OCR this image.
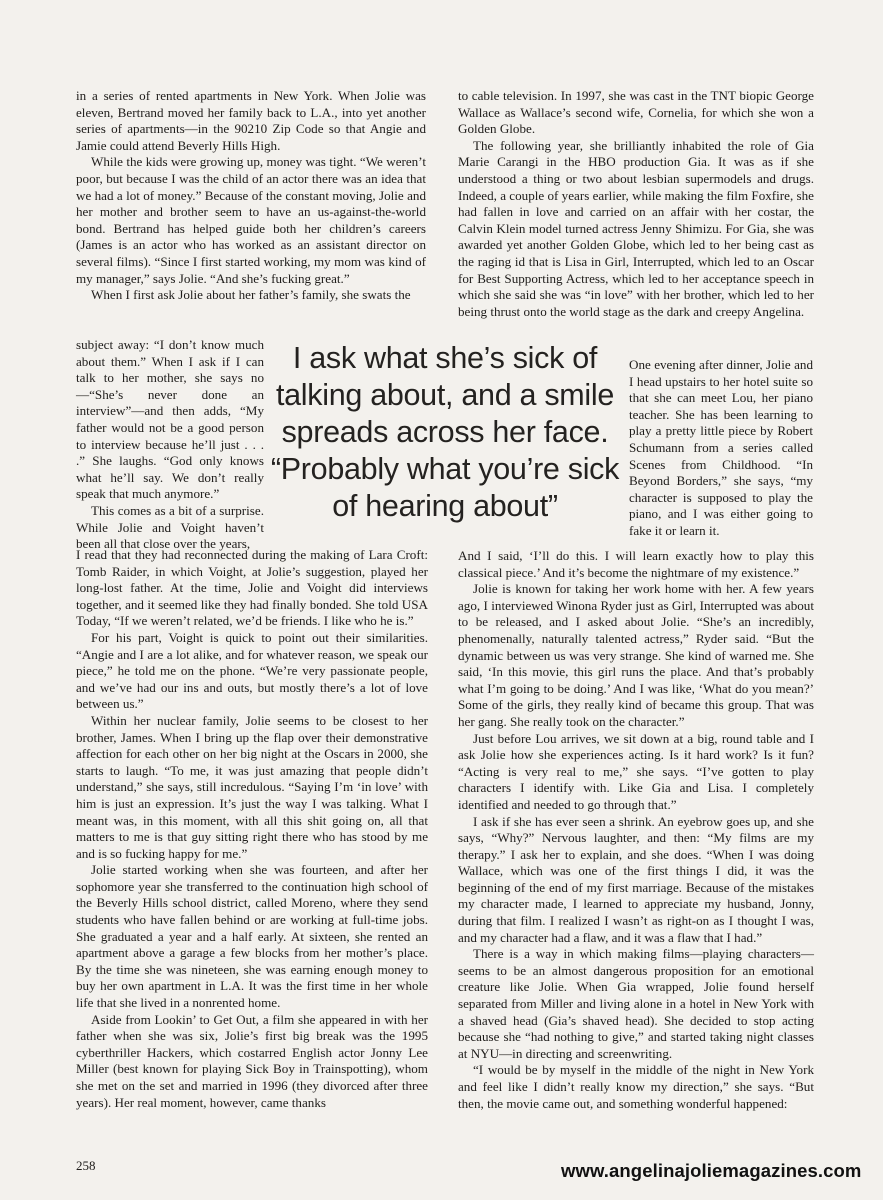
in a series of rented apartments in New York. When Jolie was eleven, Bertrand moved her family back to L.A., into yet another series of apartments—in the 90210 Zip Code so that Angie and Jamie could attend Beverly Hills High.

While the kids were growing up, money was tight. “We weren’t poor, but because I was the child of an actor there was an idea that we had a lot of money.” Because of the constant moving, Jolie and her mother and brother seem to have an us-against-the-world bond. Bertrand has helped guide both her children’s careers (James is an actor who has worked as an assistant director on several films). “Since I first started working, my mom was kind of my manager,” says Jolie. “And she’s fucking great.”

When I first ask Jolie about her father’s family, she swats the

subject away: “I don’t know much about them.” When I ask if I can talk to her mother, she says no—“She’s never done an interview”—and then adds, “My father would not be a good person to interview because he’ll just . . . .” She laughs. “God only knows what he’ll say. We don’t really speak that much anymore.”

This comes as a bit of a surprise. While Jolie and Voight haven’t been all that close over the years,

I read that they had reconnected during the making of Lara Croft: Tomb Raider, in which Voight, at Jolie’s suggestion, played her long-lost father. At the time, Jolie and Voight did interviews together, and it seemed like they had finally bonded. She told USA Today, “If we weren’t related, we’d be friends. I like who he is.”

For his part, Voight is quick to point out their similarities. “Angie and I are a lot alike, and for whatever reason, we speak our piece,” he told me on the phone. “We’re very passionate people, and we’ve had our ins and outs, but mostly there’s a lot of love between us.”

Within her nuclear family, Jolie seems to be closest to her brother, James. When I bring up the flap over their demonstrative affection for each other on her big night at the Oscars in 2000, she starts to laugh. “To me, it was just amazing that people didn’t understand,” she says, still incredulous. “Saying I’m ‘in love’ with him is just an expression. It’s just the way I was talking. What I meant was, in this moment, with all this shit going on, all that matters to me is that guy sitting right there who has stood by me and is so fucking happy for me.”

Jolie started working when she was fourteen, and after her sophomore year she transferred to the continuation high school of the Beverly Hills school district, called Moreno, where they send students who have fallen behind or are working at full-time jobs. She graduated a year and a half early. At sixteen, she rented an apartment above a garage a few blocks from her mother’s place. By the time she was nineteen, she was earning enough money to buy her own apartment in L.A. It was the first time in her whole life that she lived in a nonrented home.

Aside from Lookin’ to Get Out, a film she appeared in with her father when she was six, Jolie’s first big break was the 1995 cyberthriller Hackers, which costarred English actor Jonny Lee Miller (best known for playing Sick Boy in Trainspotting), whom she met on the set and married in 1996 (they divorced after three years). Her real moment, however, came thanks

to cable television. In 1997, she was cast in the TNT biopic George Wallace as Wallace’s second wife, Cornelia, for which she won a Golden Globe.

The following year, she brilliantly inhabited the role of Gia Marie Carangi in the HBO production Gia. It was as if she understood a thing or two about lesbian supermodels and drugs. Indeed, a couple of years earlier, while making the film Foxfire, she had fallen in love and carried on an affair with her costar, the Calvin Klein model turned actress Jenny Shimizu. For Gia, she was awarded yet another Golden Globe, which led to her being cast as the raging id that is Lisa in Girl, Interrupted, which led to an Oscar for Best Supporting Actress, which led to her acceptance speech in which she said she was “in love” with her brother, which led to her being thrust onto the world stage as the dark and creepy Angelina.

One evening after dinner, Jolie and I head upstairs to her hotel suite so that she can meet Lou, her piano teacher. She has been learning to play a pretty little piece by Robert Schumann from a series called Scenes from Childhood. “In Beyond Borders,” she says, “my character is supposed to play the piano, and I was either going to fake it or learn it.

And I said, ‘I’ll do this. I will learn exactly how to play this classical piece.’ And it’s become the nightmare of my existence.”

Jolie is known for taking her work home with her. A few years ago, I interviewed Winona Ryder just as Girl, Interrupted was about to be released, and I asked about Jolie. “She’s an incredibly, phenomenally, naturally talented actress,” Ryder said. “But the dynamic between us was very strange. She kind of warned me. She said, ‘In this movie, this girl runs the place. And that’s probably what I’m going to be doing.’ And I was like, ‘What do you mean?’ Some of the girls, they really kind of became this group. That was her gang. She really took on the character.”

Just before Lou arrives, we sit down at a big, round table and I ask Jolie how she experiences acting. Is it hard work? Is it fun? “Acting is very real to me,” she says. “I’ve gotten to play characters I identify with. Like Gia and Lisa. I completely identified and needed to go through that.”

I ask if she has ever seen a shrink. An eyebrow goes up, and she says, “Why?” Nervous laughter, and then: “My films are my therapy.” I ask her to explain, and she does. “When I was doing Wallace, which was one of the first things I did, it was the beginning of the end of my first marriage. Because of the mistakes my character made, I learned to appreciate my husband, Jonny, during that film. I realized I wasn’t as right-on as I thought I was, and my character had a flaw, and it was a flaw that I had.”

There is a way in which making films—playing characters—seems to be an almost dangerous proposition for an emotional creature like Jolie. When Gia wrapped, Jolie found herself separated from Miller and living alone in a hotel in New York with a shaved head (Gia’s shaved head). She decided to stop acting because she “had nothing to give,” and started taking night classes at NYU—in directing and screenwriting.

“I would be by myself in the middle of the night in New York and feel like I didn’t really know my direction,” she says. “But then, the movie came out, and something wonderful happened:

I ask what she’s sick of talking about, and a smile spreads across her face. “Probably what you’re sick of hearing about”
258	www.angelinajoliemagazines.com
